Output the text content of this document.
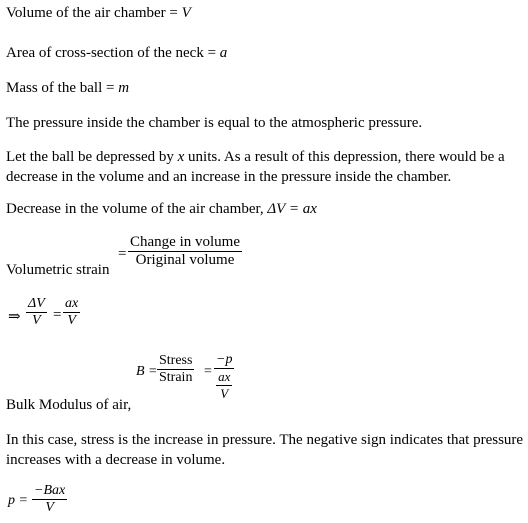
Volume of the air chamber = V
Area of cross-section of the neck = a
Mass of the ball = m
The pressure inside the chamber is equal to the atmospheric pressure.
Let the ball be depressed by x units. As a result of this depression, there would be a decrease in the volume and an increase in the pressure inside the chamber.
Decrease in the volume of the air chamber, ΔV = ax
=
Change in volume
Original volume
Volumetric strain
⇒
ΔV
V =
ax
V
B =
Stress
Strain =
−p
$\frac{ax}{V}$
Bulk Modulus of air,
In this case, stress is the increase in pressure. The negative sign indicates that pressure increases with a decrease in volume.
p =
−Bax
V
